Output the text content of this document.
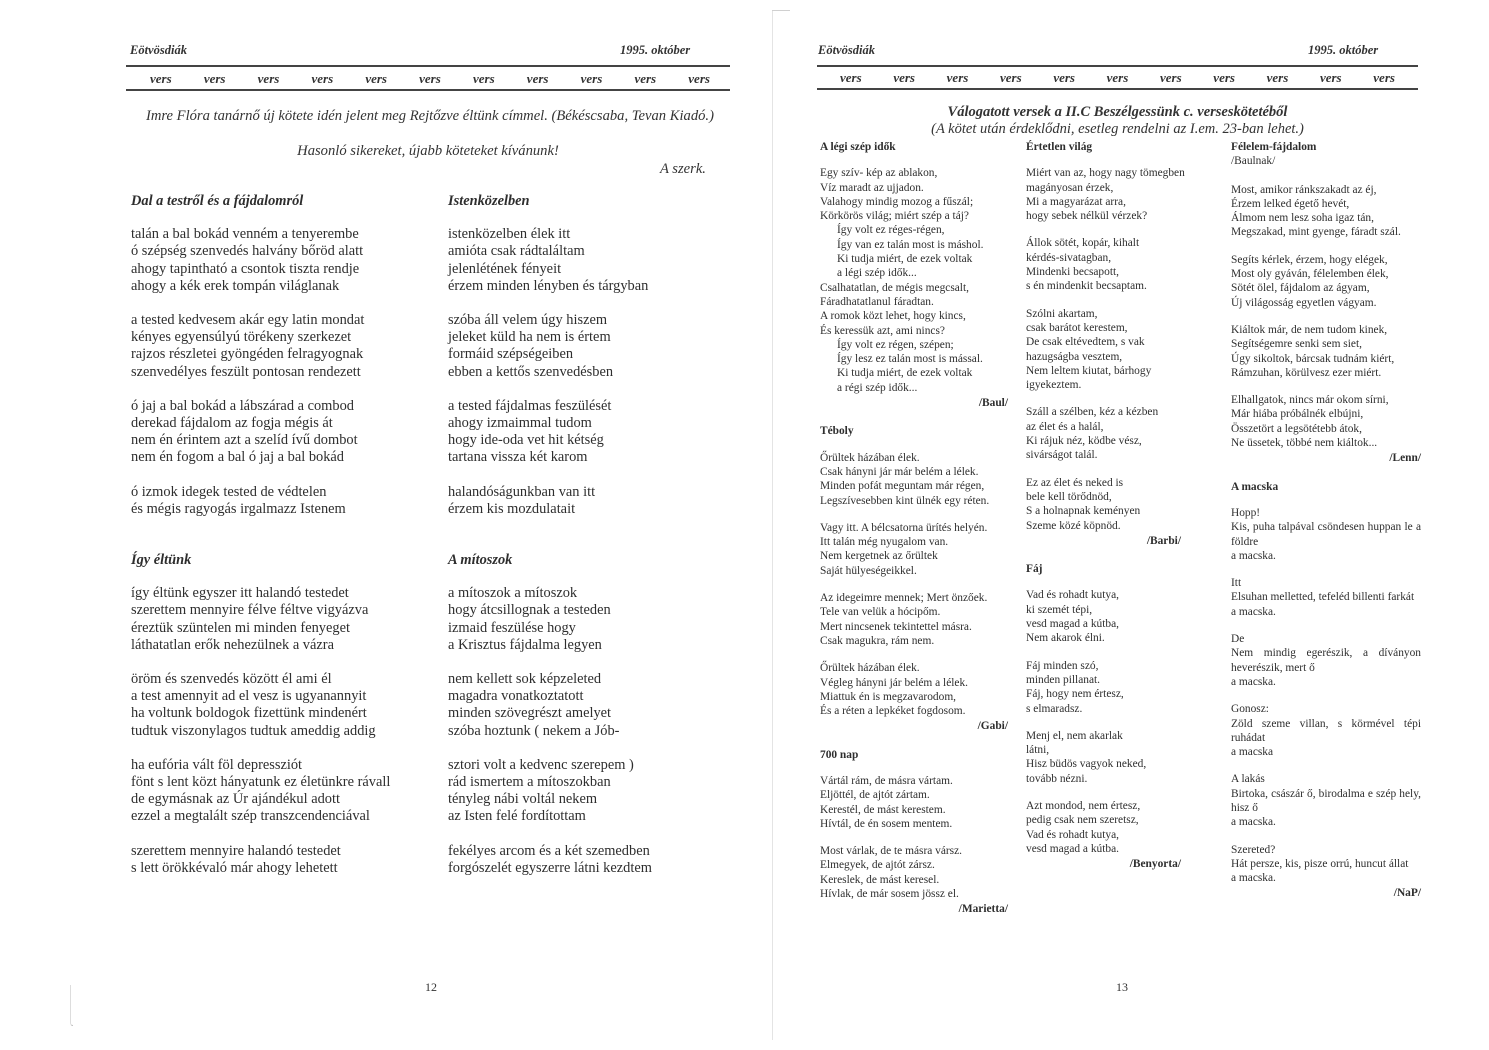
Eötvösdiák	1995. október
vers vers vers vers vers vers vers vers vers vers vers
Imre Flóra tanárnő új kötete idén jelent meg Rejtőzve éltünk címmel. (Békéscsaba, Tevan Kiadó.)
Hasonló sikereket, újabb köteteket kívánunk!
A szerk.
Dal a testről és a fájdalomról
talán a bal bokád venném a tenyerembe
ó szépség szenvedés halvány bőröd alatt
ahogy tapintható a csontok tiszta rendje
ahogy a kék erek tompán világlanak
a tested kedvesem akár egy latin mondat
kényes egyensúlyú törékeny szerkezet
rajzos részletei gyöngéden felragyognak
szenvedélyes feszült pontosan rendezett
ó jaj a bal bokád a lábszárad a combod
derekad fájdalom az fogja mégis át
nem én érintem azt a szelíd ívű dombot
nem én fogom a bal ó jaj a bal bokád
ó izmok idegek tested de védtelen
és mégis ragyogás irgalmazz Istenem
Istenközelben
istenközelben élek itt
amióta csak rádtaláltam
jelenlétének fényeit
érzem minden lényben és tárgyban
szóba áll velem úgy hiszem
jeleket küld ha nem is értem
formáid szépségeiben
ebben a kettős szenvedésben
a tested fájdalmas feszülését
ahogy izmaimmal tudom
hogy ide-oda vet hit kétség
tartana vissza két karom
halandóságunkban van itt
érzem kis mozdulatait
Így éltünk
így éltünk egyszer itt halandó testedet
szerettem mennyire félve féltve vigyázva
éreztük szüntelen mi minden fenyeget
láthatatlan erők nehezülnek a vázra
öröm és szenvedés között él ami él
a test amennyit ad el vesz is ugyanannyit
ha voltunk boldogok fizettünk mindenért
tudtuk viszonylagos tudtuk ameddig addig
ha eufória vált föl depressziót
fönt s lent közt hányatunk ez életünkre rávall
de egymásnak az Úr ajándékul adott
ezzel a megtalált szép transzcendenciával
szerettem mennyire halandó testedet
s lett örökkévaló már ahogy lehetett
A mítoszok
a mítoszok a mítoszok
hogy átcsillognak a testeden
izmaid feszülése hogy
a Krisztus fájdalma legyen
nem kellett sok képzeleted
magadra vonatkoztatott
minden szövegrészt amelyet
szóba hoztunk ( nekem a Jób-
sztori volt a kedvenc szerepem )
rád ismertem a mítoszokban
tényleg nábi voltál nekem
az Isten felé fordítottam
fekélyes arcom és a két szemedben
forgószelét egyszerre látni kezdtem
12
Eötvösdiák	1995. október
vers vers vers vers vers vers vers vers vers vers vers
Válogatott versek a II.C Beszélgessünk c. verseskötetéből
(A kötet után érdeklődni, esetleg rendelni az I.em. 23-ban lehet.)
A légi szép idők
Egy szív- kép az ablakon,
Víz maradt az ujjadon.
Valahogy mindig mozog a fűszál;
Körkörös világ; miért szép a táj?
Így volt ez réges-régen,
Így van ez talán most is máshol.
Ki tudja miért, de ezek voltak
a légi szép idők...
Csalhatatlan, de mégis megcsalt,
Fáradhatatlanul fáradtan.
A romok közt lehet, hogy kincs,
És keressük azt, ami nincs?
Így volt ez régen, szépen;
Így lesz ez talán most is mással.
Ki tudja miért, de ezek voltak
a régi szép idők...
/Baul/
Téboly
Őrültek házában élek.
Csak hányni jár már belém a lélek.
Minden pofát meguntam már régen,
Legszívesebben kint ülnék egy réten.
Vagy itt. A bélcsatorna ürítés helyén.
Itt talán még nyugalom van.
Nem kergetnek az őrültek
Saját hülyeségeikkel.
Az idegeimre mennek; Mert önzőek.
Tele van velük a hócipőm.
Mert nincsenek tekintettel másra.
Csak magukra, rám nem.
Őrültek házában élek.
Végleg hányni jár belém a lélek.
Miattuk én is megzavarodom,
És a réten a lepkéket fogdosom.
/Gabi/
700 nap
Vártál rám, de másra vártam.
Eljöttél, de ajtót zártam.
Kerestél, de mást kerestem.
Hívtál, de én sosem mentem.
Most várlak, de te másra vársz.
Elmegyek, de ajtót zársz.
Kereslek, de mást keresel.
Hívlak, de már sosem jössz el.
/Marietta/
Értetlen világ
Miért van az, hogy nagy tömegben
magányosan érzek,
Mi a magyarázat arra,
hogy sebek nélkül vérzek?
Állok sötét, kopár, kihalt
kérdés-sivatagban,
Mindenki becsapott,
s én mindenkit becsaptam.
Szólni akartam,
csak barátot kerestem,
De csak eltévedtem, s vak
hazugságba vesztem,
Nem leltem kiutat, bárhogy
igyekeztem.
Száll a szélben, kéz a kézben
az élet és a halál,
Ki rájuk néz, ködbe vész,
sivárságot talál.
Ez az élet és neked is
bele kell törődnöd,
S a holnapnak keményen
Szeme közé köpnöd.
/Barbi/
Fáj
Vad és rohadt kutya,
ki szemét tépi,
vesd magad a kútba,
Nem akarok élni.
Fáj minden szó,
minden pillanat.
Fáj, hogy nem értesz,
s elmaradsz.
Menj el, nem akarlak
látni,
Hisz büdös vagyok neked,
tovább nézni.
Azt mondod, nem értesz,
pedig csak nem szeretsz,
Vad és rohadt kutya,
vesd magad a kútba.
/Benyorta/
Félelem-fájdalom
/Baulnak/
Most, amikor ránkszakadt az éj,
Érzem lelked égető hevét,
Álmom nem lesz soha igaz tán,
Megszakad, mint gyenge, fáradt szál.
Segíts kérlek, érzem, hogy elégek,
Most oly gyáván, félelemben élek,
Sötét ölel, fájdalom az ágyam,
Új világosság egyetlen vágyam.
Kiáltok már, de nem tudom kinek,
Segítségemre senki sem siet,
Úgy sikoltok, bárcsak tudnám kiért,
Rámzuhan, körülvesz ezer miért.
Elhallgatok, nincs már okom sírni,
Már hiába próbálnék elbújni,
Összetört a legsötétebb átok,
Ne üssetek, többé nem kiáltok...
/Lenn/
A macska
Hopp!
Kis, puha talpával csöndesen huppan le a földre
a macska.
Itt
Elsuhan melletted, tefeléd billenti farkát
a macska.
De
Nem mindig egerészik, a díványon heverészik, mert ő
a macska.
Gonosz:
Zöld szeme villan, s körmével tépi ruhádat
a macska
A lakás
Birtoka, császár ő, birodalma e szép hely, hisz ő
a macska.
Szereted?
Hát persze, kis, pisze orrú, huncut állat
a macska.
/NaP/
13
